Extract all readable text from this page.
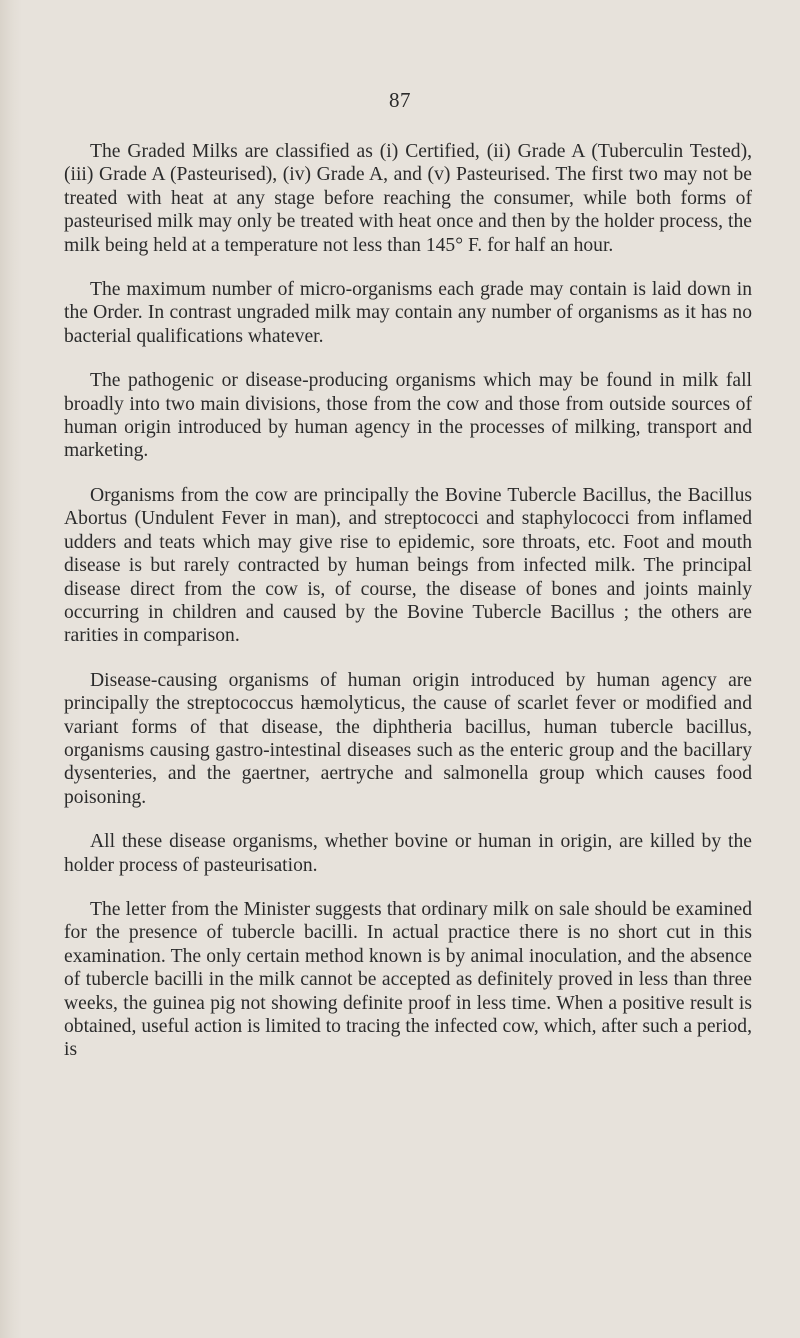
87

The Graded Milks are classified as (i) Certified, (ii) Grade A (Tuberculin Tested), (iii) Grade A (Pasteurised), (iv) Grade A, and (v) Pasteurised. The first two may not be treated with heat at any stage before reaching the consumer, while both forms of pasteurised milk may only be treated with heat once and then by the holder process, the milk being held at a temperature not less than 145° F. for half an hour.

The maximum number of micro-organisms each grade may contain is laid down in the Order. In contrast ungraded milk may contain any number of organisms as it has no bacterial qualifications whatever.

The pathogenic or disease-producing organisms which may be found in milk fall broadly into two main divisions, those from the cow and those from outside sources of human origin introduced by human agency in the processes of milking, transport and marketing.

Organisms from the cow are principally the Bovine Tubercle Bacillus, the Bacillus Abortus (Undulent Fever in man), and streptococci and staphylococci from inflamed udders and teats which may give rise to epidemic, sore throats, etc. Foot and mouth disease is but rarely contracted by human beings from infected milk. The principal disease direct from the cow is, of course, the disease of bones and joints mainly occurring in children and caused by the Bovine Tubercle Bacillus ; the others are rarities in comparison.

Disease-causing organisms of human origin introduced by human agency are principally the streptococcus hæmolyticus, the cause of scarlet fever or modified and variant forms of that disease, the diphtheria bacillus, human tubercle bacillus, organisms causing gastro-intestinal diseases such as the enteric group and the bacillary dysenteries, and the gaertner, aertryche and salmonella group which causes food poisoning.

All these disease organisms, whether bovine or human in origin, are killed by the holder process of pasteurisation.

The letter from the Minister suggests that ordinary milk on sale should be examined for the presence of tubercle bacilli. In actual practice there is no short cut in this examination. The only certain method known is by animal inoculation, and the absence of tubercle bacilli in the milk cannot be accepted as definitely proved in less than three weeks, the guinea pig not showing definite proof in less time. When a positive result is obtained, useful action is limited to tracing the infected cow, which, after such a period, is
